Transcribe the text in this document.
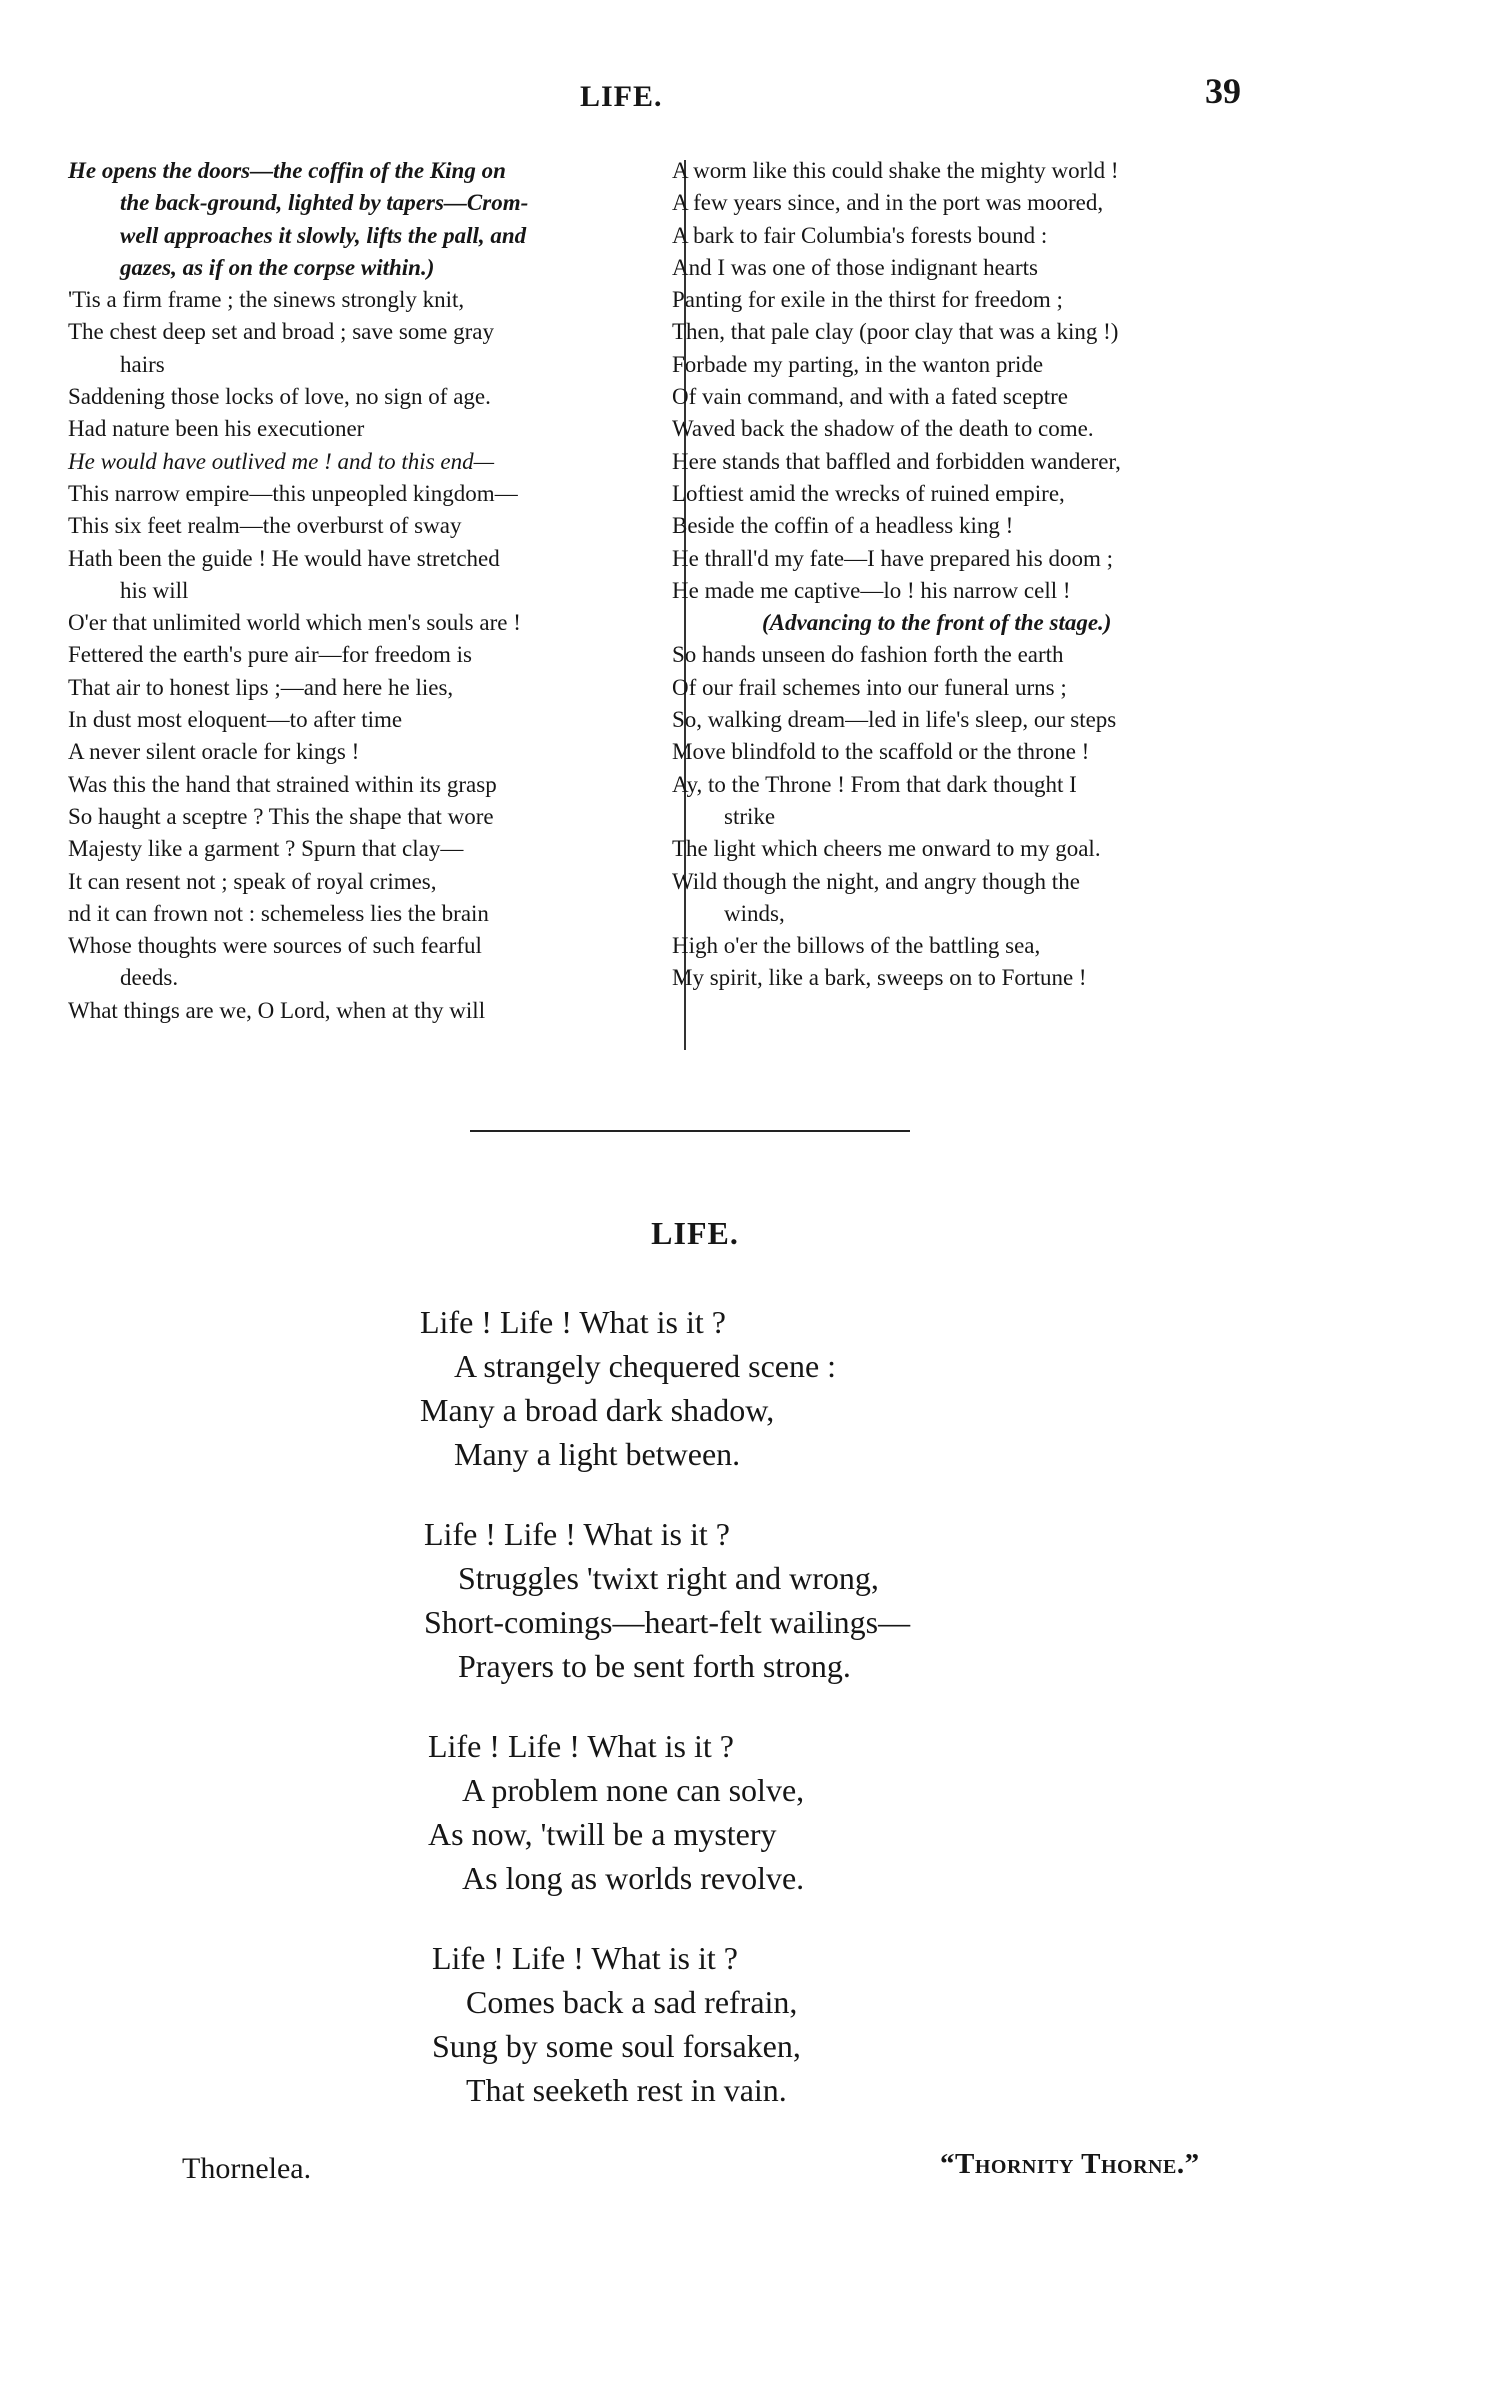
LIFE.	39
He opens the doors—the coffin of the King on
the back-ground, lighted by tapers—Crom-
well approaches it slowly, lifts the pall, and
gazes, as if on the corpse within.)
'Tis a firm frame ; the sinews strongly knit,
The chest deep set and broad ; save some gray
hairs
Saddening those locks of love, no sign of age.
Had nature been his executioner
He would have outlived me ! and to this end—
This narrow empire—this unpeopled kingdom—
This six feet realm—the overburst of sway
Hath been the guide ! He would have stretched
his will
O'er that unlimited world which men's souls are !
Fettered the earth's pure air—for freedom is
That air to honest lips ;—and here he lies,
In dust most eloquent—to after time
A never silent oracle for kings !
Was this the hand that strained within its grasp
So haught a sceptre ? This the shape that wore
Majesty like a garment ? Spurn that clay—
It can resent not ; speak of royal crimes,
nd it can frown not : schemeless lies the brain
Whose thoughts were sources of such fearful
deeds.
What things are we, O Lord, when at thy will
A worm like this could shake the mighty world !
A few years since, and in the port was moored,
A bark to fair Columbia's forests bound :
And I was one of those indignant hearts
Panting for exile in the thirst for freedom ;
Then, that pale clay (poor clay that was a king !)
Forbade my parting, in the wanton pride
Of vain command, and with a fated sceptre
Waved back the shadow of the death to come.
Here stands that baffled and forbidden wanderer,
Loftiest amid the wrecks of ruined empire,
Beside the coffin of a headless king !
He thrall'd my fate—I have prepared his doom ;
He made me captive—lo ! his narrow cell !
(Advancing to the front of the stage.)
So hands unseen do fashion forth the earth
Of our frail schemes into our funeral urns ;
So, walking dream—led in life's sleep, our steps
Move blindfold to the scaffold or the throne !
Ay, to the Throne ! From that dark thought I
strike
The light which cheers me onward to my goal.
Wild though the night, and angry though the
winds,
High o'er the billows of the battling sea,
My spirit, like a bark, sweeps on to Fortune !
LIFE.
Life ! Life ! What is it ?
A strangely chequered scene :
Many a broad dark shadow,
Many a light between.
Life ! Life ! What is it ?
Struggles 'twixt right and wrong,
Short-comings—heart-felt wailings—
Prayers to be sent forth strong.
Life ! Life ! What is it ?
A problem none can solve,
As now, 'twill be a mystery
As long as worlds revolve.
Life ! Life ! What is it ?
Comes back a sad refrain,
Sung by some soul forsaken,
That seeketh rest in vain.
Thornelea.	“Thornity Thorne.”
